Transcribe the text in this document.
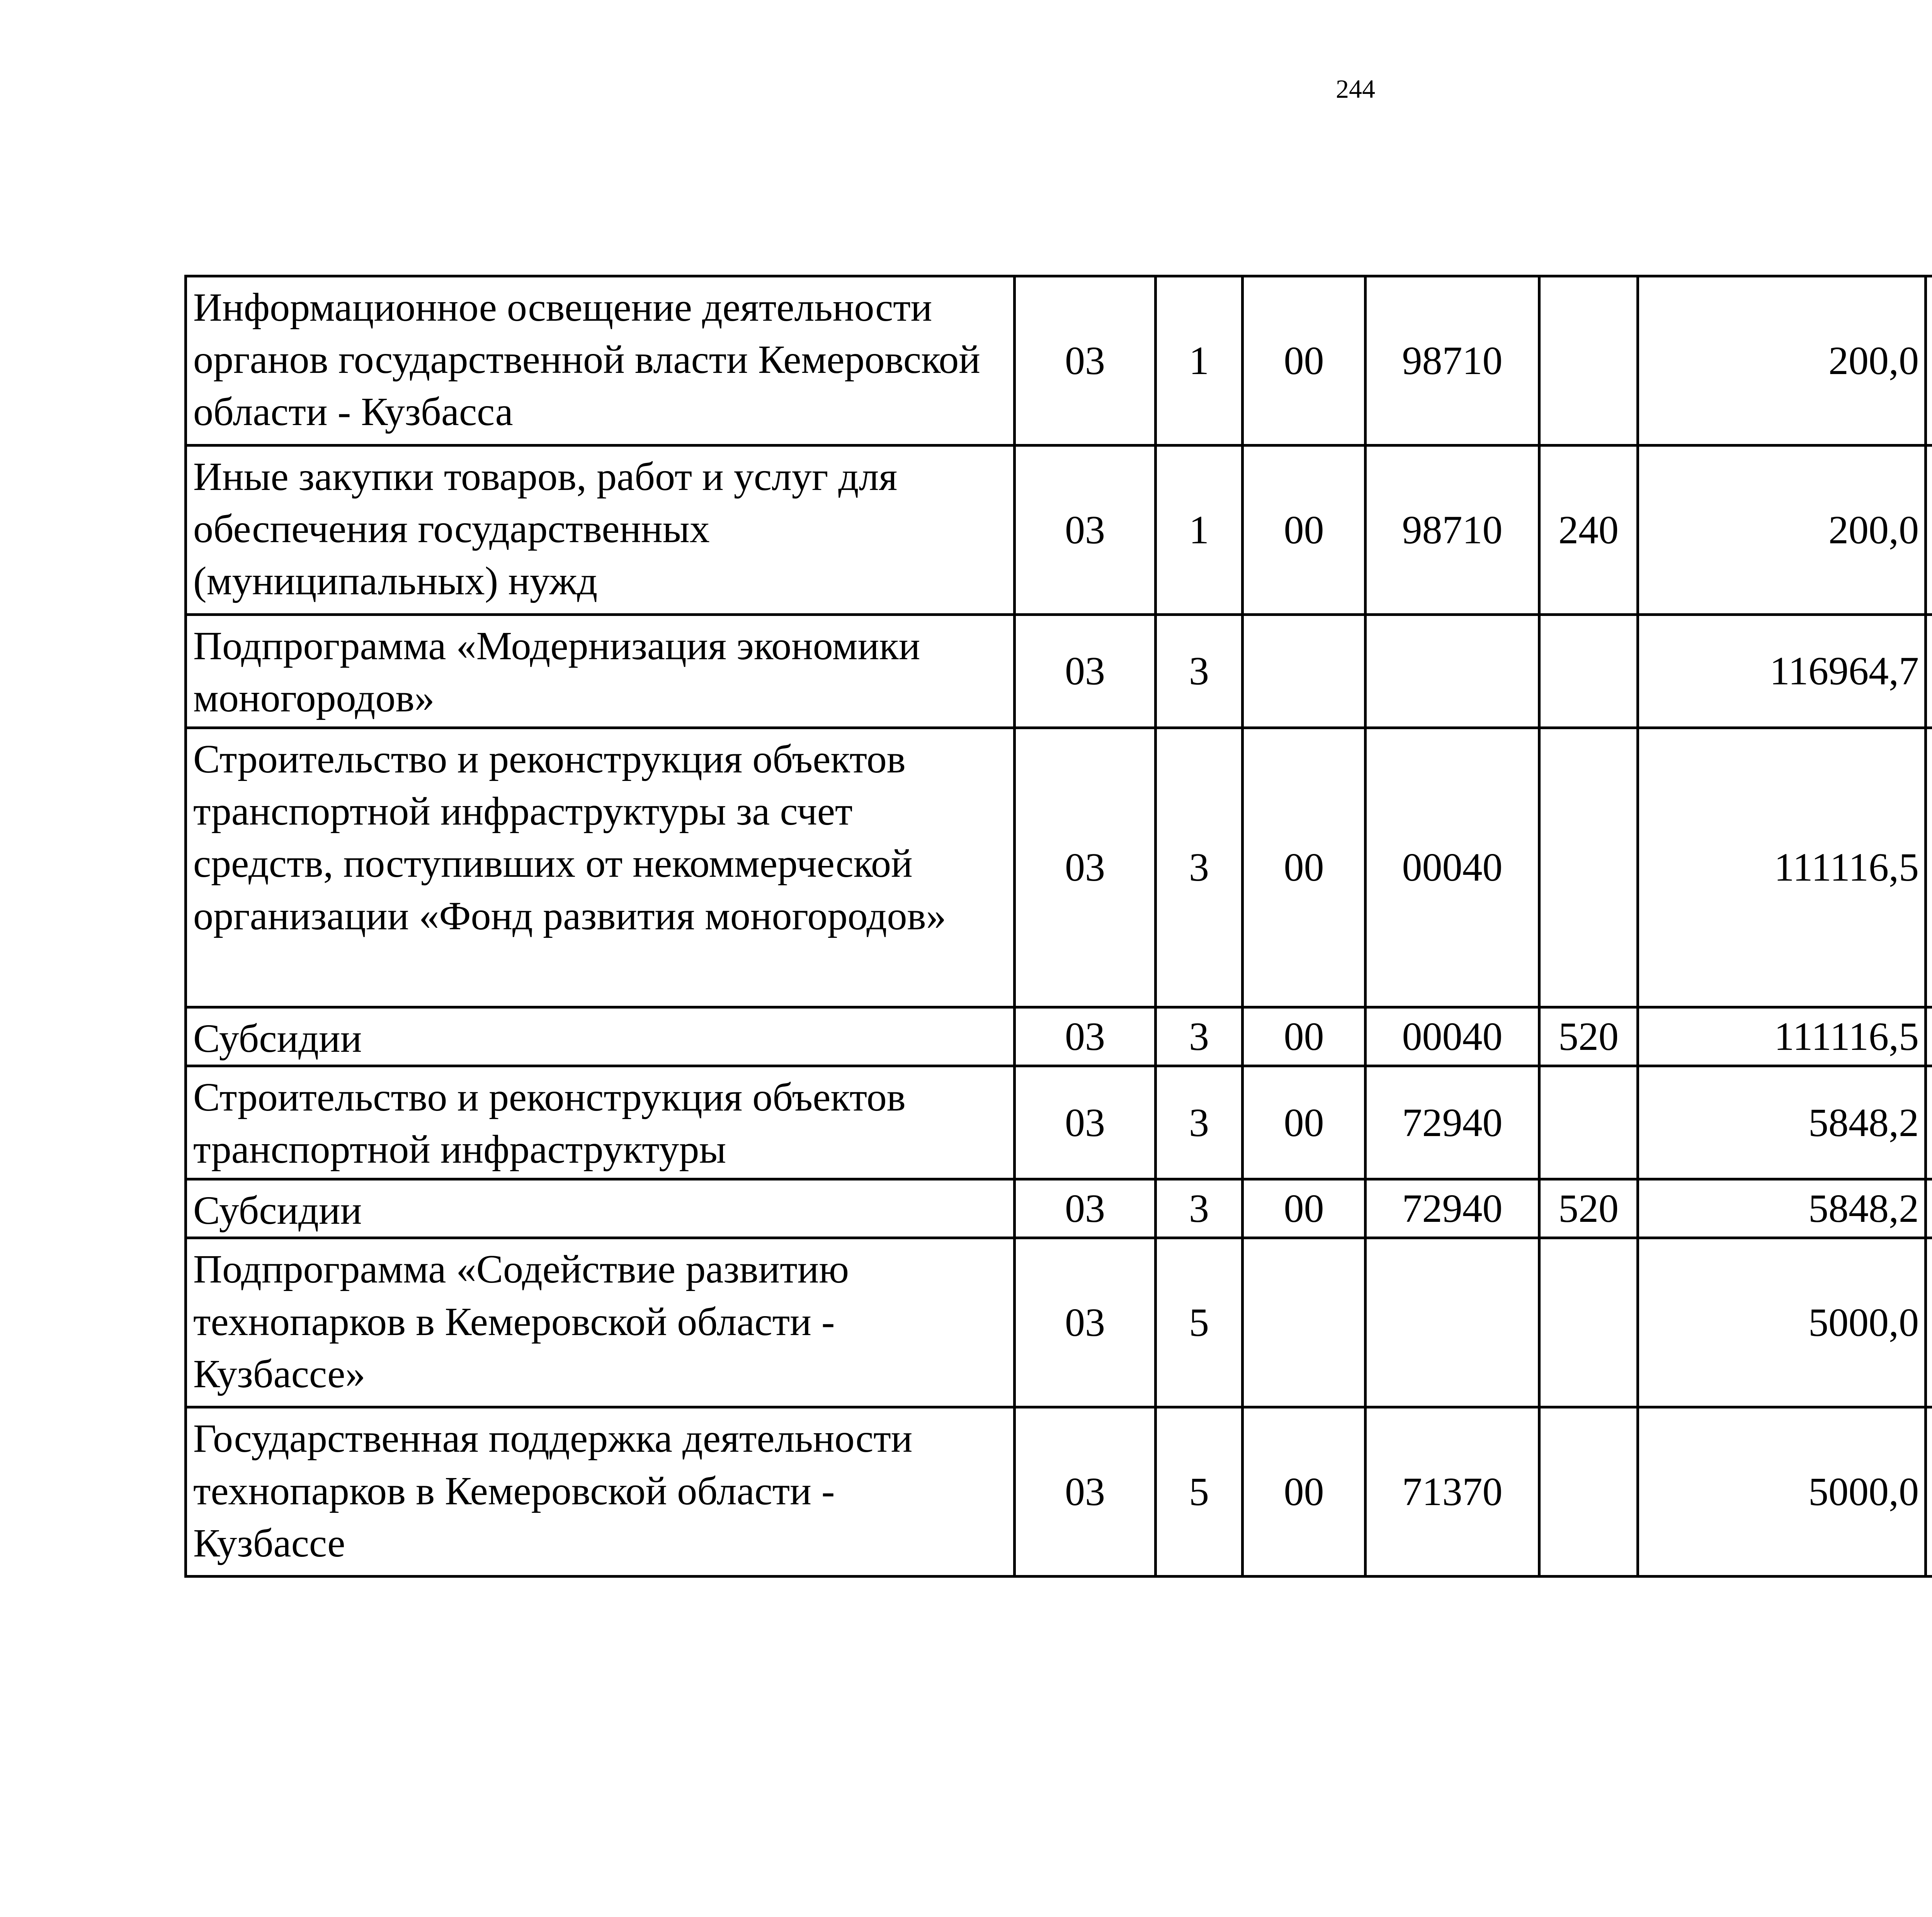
244
Информационное освещение деятельности органов государственной власти Кемеровской области - Кузбасса	03	1	00	98710		200,0		
Иные закупки товаров, работ и услуг для обеспечения государственных (муниципальных) нужд	03	1	00	98710	240	200,0		
Подпрограмма «Модернизация экономики моногородов»	03	3				116964,7		
Строительство и реконструкция объектов транспортной инфраструктуры за счет средств, поступивших от некоммерческой организации «Фонд развития моногородов»	03	3	00	00040		111116,5		
Субсидии	03	3	00	00040	520	111116,5		
Строительство и реконструкция объектов транспортной инфраструктуры	03	3	00	72940		5848,2		
Субсидии	03	3	00	72940	520	5848,2		
Подпрограмма «Содействие развитию технопарков в Кемеровской области - Кузбассе»	03	5				5000,0		
Государственная поддержка деятельности технопарков в Кемеровской области - Кузбассе	03	5	00	71370		5000,0		
